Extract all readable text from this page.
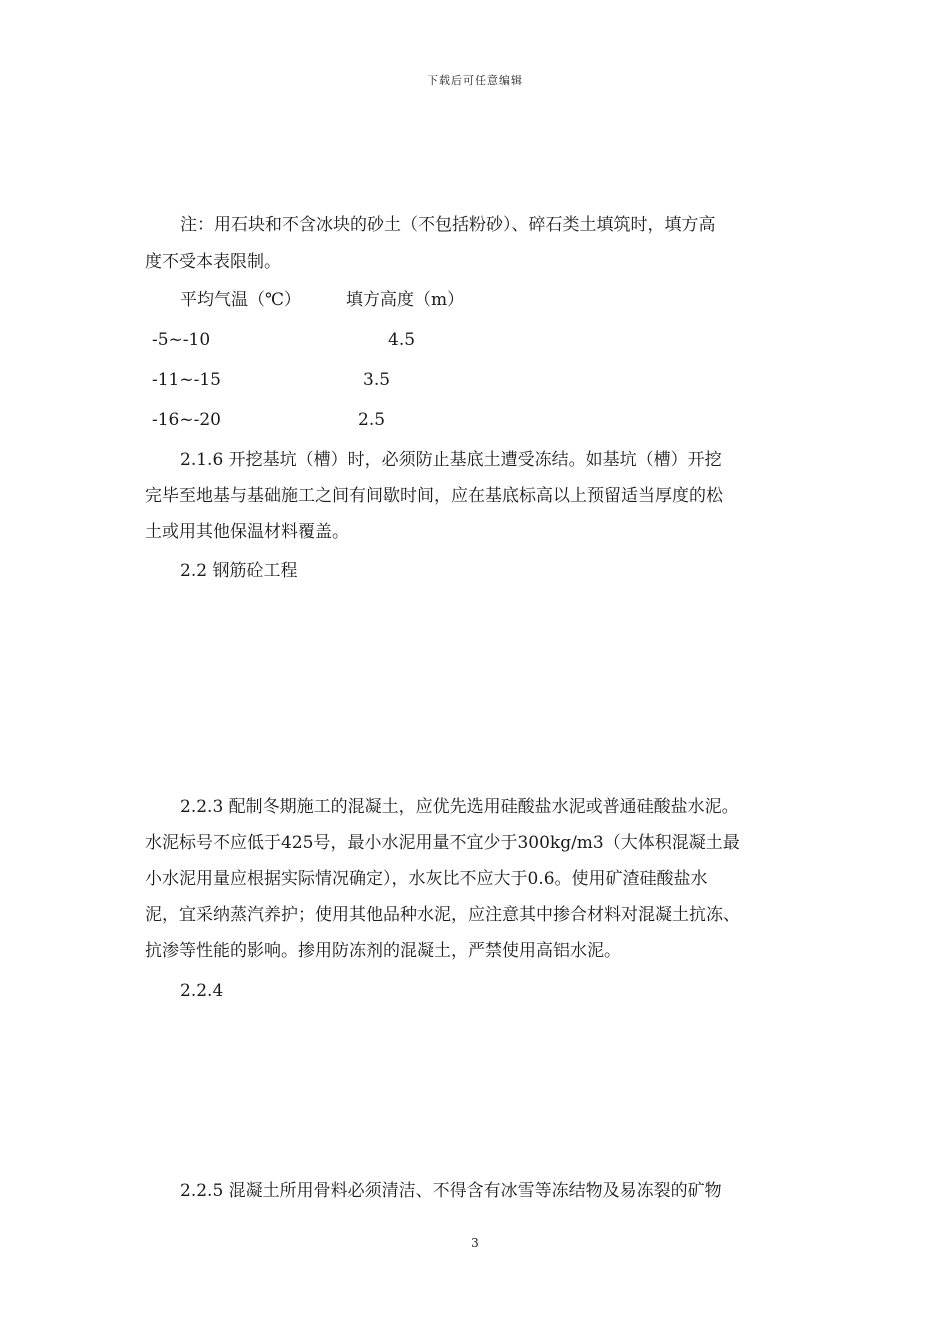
下载后可任意编辑
注：用石块和不含冰块的砂土（不包括粉砂）、碎石类土填筑时，填方高
度不受本表限制。
平均气温（℃）	填方高度（m）
-5~-10	4.5
-11~-15	3.5
-16~-20	2.5
2.1.6 开挖基坑（槽）时，必须防止基底土遭受冻结。如基坑（槽）开挖
完毕至地基与基础施工之间有间歇时间，应在基底标高以上预留适当厚度的松
土或用其他保温材料覆盖。
2.2 钢筋砼工程
2.2.3 配制冬期施工的混凝土，应优先选用硅酸盐水泥或普通硅酸盐水泥。
水泥标号不应低于425号，最小水泥用量不宜少于300kg/m3（大体积混凝土最
小水泥用量应根据实际情况确定），水灰比不应大于0.6。使用矿渣硅酸盐水
泥，宜采纳蒸汽养护；使用其他品种水泥，应注意其中掺合材料对混凝土抗冻、
抗渗等性能的影响。掺用防冻剂的混凝土，严禁使用高铝水泥。
2.2.4
2.2.5 混凝土所用骨料必须清洁、不得含有冰雪等冻结物及易冻裂的矿物
3
